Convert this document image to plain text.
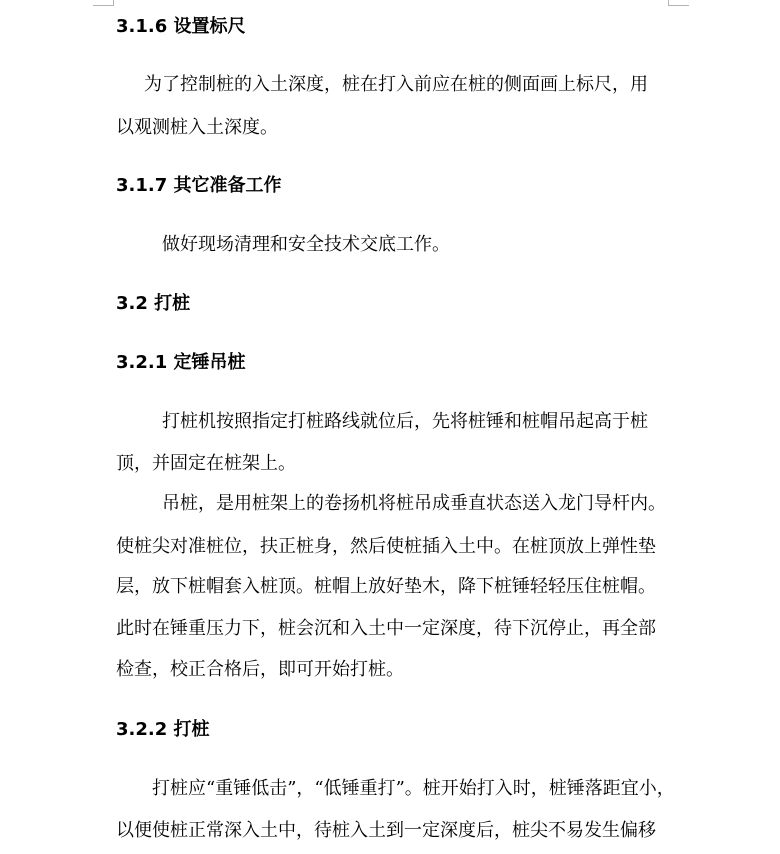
3.1.6 设置标尺
为了控制桩的入土深度，桩在打入前应在桩的侧面画上标尺，用
以观测桩入土深度。
3.1.7 其它准备工作
做好现场清理和安全技术交底工作。
3.2 打桩
3.2.1 定锤吊桩
打桩机按照指定打桩路线就位后，先将桩锤和桩帽吊起高于桩
顶，并固定在桩架上。
吊桩，是用桩架上的卷扬机将桩吊成垂直状态送入龙门导杆内。
使桩尖对准桩位，扶正桩身，然后使桩插入土中。在桩顶放上弹性垫
层，放下桩帽套入桩顶。桩帽上放好垫木，降下桩锤轻轻压住桩帽。
此时在锤重压力下，桩会沉和入土中一定深度，待下沉停止，再全部
检查，校正合格后，即可开始打桩。
3.2.2 打桩
打桩应“重锤低击”，“低锤重打”。桩开始打入时，桩锤落距宜小，
以便使桩正常深入土中，待桩入土到一定深度后，桩尖不易发生偏移
